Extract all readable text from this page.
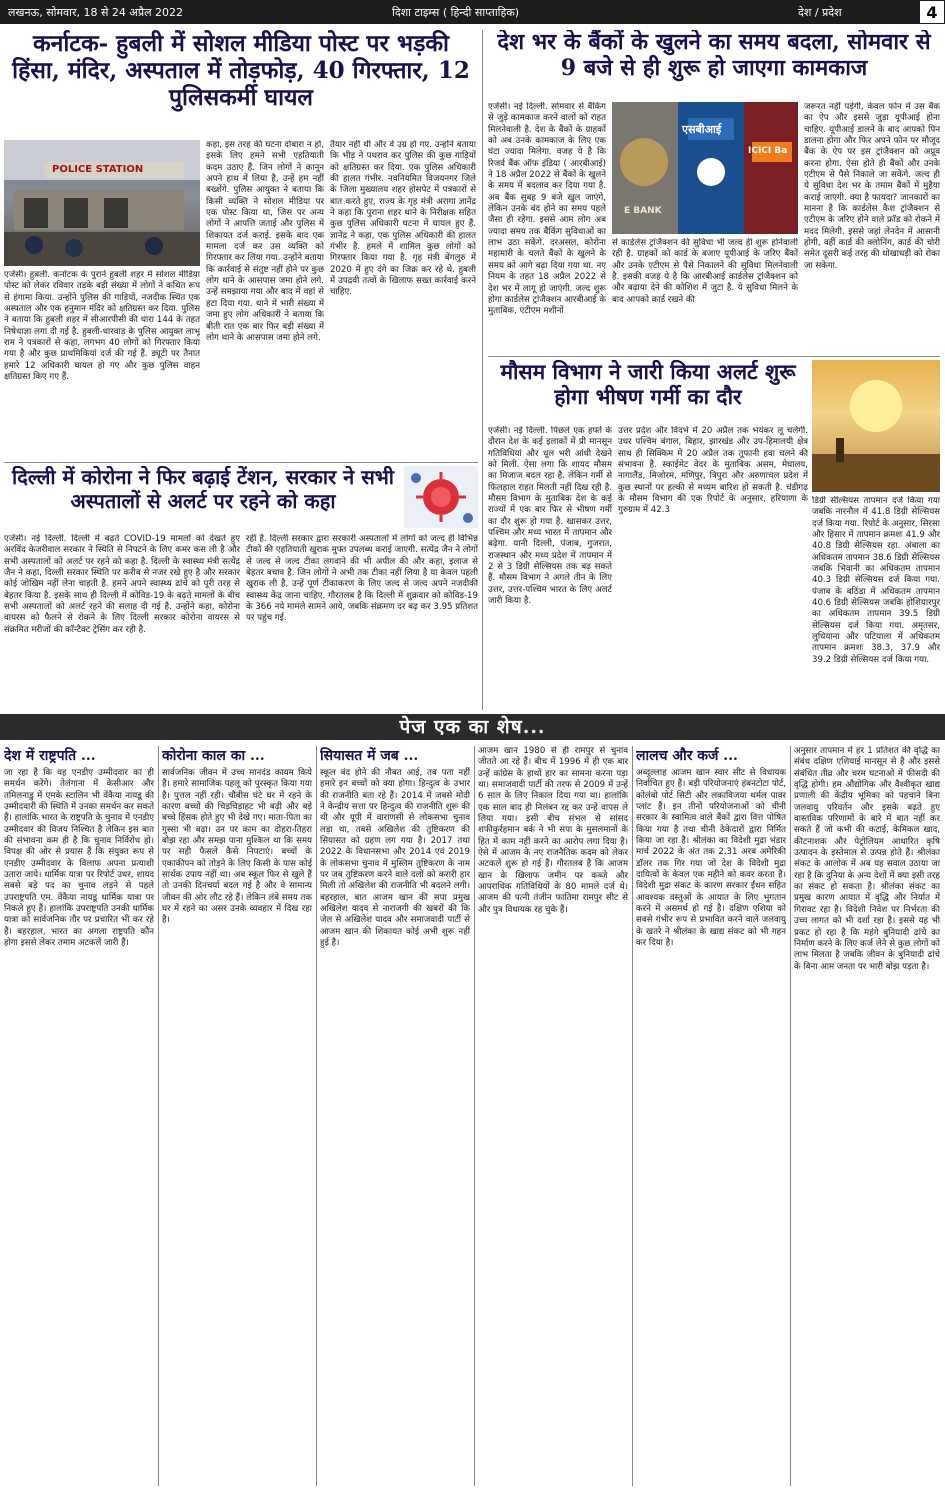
लखनऊ, सोमवार, 18 से 24 अप्रैल 2022	दिशा टाइम्स ( हिन्दी साप्ताहिक)	देश / प्रदेश	4
कर्नाटक- हुबली में सोशल मीडिया पोस्ट पर भड़की हिंसा, मंदिर, अस्पताल में तोड़फोड़, 40 गिरफ्तार, 12 पुलिसकर्मी घायल
POLICE STATION

एजेंसी। हुबली. कर्नाटक के पुराने हुबली शहर में सोशल मीडिया पोस्ट को लेकर रविवार तड़के बड़ी संख्या में लोगों ने कथित रूप से हंगामा किया. उन्होंने पुलिस की गाड़ियों, नजदीक स्थित एक अस्पताल और एक हनुमान मंदिर को क्षतिग्रस्त कर दिया. पुलिस ने बताया कि हुबली शहर में सीआरपीसी की धारा 144 के तहत निषेधाज्ञा लगा दी गई है. हुबली-धारवाड़ के पुलिस आयुक्त लाभू राम ने पत्रकारों से कहा, लगभग 40 लोगों को गिरफ्तार किया गया है और कुछ प्राथमिकियां दर्ज की गई हैं. ड्यूटी पर तैनात हमारे 12 अधिकारी घायल हो गए और कुछ पुलिस वाहन क्षतिग्रस्त किए गए हैं.

कहा, इस तरह की घटना दोबारा न हो, इसके लिए हमने सभी एहतियाती कदम उठाए हैं. जिन लोगों ने कानून अपने हाथ में लिया है, उन्हें हम नहीं बख्शेंगे. पुलिस आयुक्त ने बताया कि किसी व्यक्ति ने सोशल मीडिया पर एक पोस्ट किया था, जिस पर अन्य लोगों ने आपत्ति जताई और पुलिस में शिकायत दर्ज कराई. इसके बाद एक मामला दर्ज कर उस व्यक्ति को गिरफ्तार कर लिया गया. उन्होंने बताया कि कार्रवाई से संतुष्ट नहीं होने पर कुछ लोग थाने के आसपास जमा होने लगे. उन्हें समझाया गया और बाद में वहां से हटा दिया गया. थाने में भारी संख्या में जमा हुए लोग अधिकारी ने बताया कि बीती रात एक बार फिर बड़ी संख्या में लोग थाने के आसपास जमा होने लगे.

तैयार नहीं थी और वे उग्र हो गए. उन्होंने बताया कि भीड़ ने पथराव कर पुलिस की कुछ गाड़ियों को क्षतिग्रस्त कर दिया. एक पुलिस अधिकारी की हालत गंभीर. नवनियमित विजयनगर जिले के जिला मुख्यालय शहर होसपेट में पत्रकारों से बात करते हुए, राज्य के गृह मंत्री अरागा ज्ञानेंद्र ने कहा कि पुराना शहर थाने के निरीक्षक सहित कुछ पुलिस अधिकारी घटना में घायल हुए हैं. ज्ञानेंद्र ने कहा, एक पुलिस अधिकारी की हालत गंभीर है. हमले में शामिल कुछ लोगों को गिरफ्तार किया गया है. गृह मंत्री बेंगलुरु में 2020 में हुए दंगे का जिक्र कर रहे थे. हुबली में उपद्रवी तत्वों के खिलाफ सख्त कार्रवाई करने चाहिए.

देश भर के बैंकों के खुलने का समय बदला, सोमवार से 9 बजे से ही शुरू हो जाएगा कामकाज

एजेंसी। नई दिल्ली. सोमवार से बैंकिंग से जुड़े कामकाज करने वालों को राहत मिलनेवाली है. देश के बैंकों के ग्राहकों को अब उनके कामकाज के लिए एक घंटा ज्यादा मिलेगा. वजह ये है कि रिजर्व बैंक ऑफ इंडिया ( आरबीआई) ने 18 अप्रैल 2022 से बैंकों के खुलने के समय में बदलाव कर दिया गया है. अब बैंक सुबह 9 बजे खुल जाएंगे, लेकिन उनके बंद होने का समय पहले जैसा ही रहेगा. इससे आम लोग अब ज्यादा समय तक बैंकिंग सुविधाओं का लाभ उठा सकेंगे. दरअसल, कोरोना महामारी के चलते बैंकों के खुलने के समय को आगे बढ़ा दिया गया था. नए नियम के तहत 18 अप्रैल 2022 से देश भर में लागू हो जाएंगी. जल्द शुरू होगा कार्डलेस ट्रांजैक्शन आरबीआई के मुताबिक, एटीएम मशीनों

एसबीआई
ICICI Ba
E BANK

से कार्डलेस ट्रांजैक्शन की सुविधा भी जल्द ही शुरू होनेवाली रही है. ग्राहकों को कार्ड के बजाए यूपीआई के जरिए बैंकों और उनके एटीएम से पैसे निकालने की सुविधा मिलनेवाली है. इसकी वजह ये है कि आरबीआई कार्डलेस ट्रांजैक्शन को और बढ़ाया देने की कोशिश में जुटा है. ये सुविधा मिलने के बाद आपको कार्ड रखने की

जरूरत नहीं पड़ेगी, केवल फोन में उस बैंक का ऐप और इससे जुड़ा यूपीआई होना चाहिए. यूपीआई डालने के बाद आपको पिन डालना होगा और फिर अपने फोन पर मौजूद बैंक के ऐप पर इस ट्रांजैक्शन को अप्रूव करना होगा. ऐसा होते ही बैंकों और उनके एटीएम से पैसे निकाले जा सकेंगे. जल्द ही ये सुविधा देश भर के तमाम बैंकों में मुहैया कराई जाएगी. क्या है फायदा? जानकारों का मानना है कि कार्डलेस कैश ट्रांजैक्शन से एटीएम के जरिए होने वाले फ्रॉड को रोकने में मदद मिलेगी. इससे जहां लेनदेन में आसानी होगी, वहीं कार्ड की क्लोनिंग, कार्ड की चोरी समेत दूसरी कई तरह की धोखाधड़ी को रोका जा सकेगा.

मौसम विभाग ने जारी किया अलर्ट शुरू होगा भीषण गर्मी का दौर

एजेंसी। नई दिल्ली. पिछले एक हफ्ते के दौरान देश के कई इलाकों में प्री मानसून गतिविधियां और धूल भरी आंधी देखने को मिली. ऐसा लगा कि शायद मौसम का मिजाज बदल रहा है. लेकिन गर्मी से फिलहाल राहत मिलती नहीं दिख रही है. मौसम विभाग के मुताबिक देश के कई राज्यों में एक बार फिर से भीषण गर्मी का दौर शुरू हो गया है. खासकर उत्तर, पश्चिम और मध्य भारत में तापमान और बढ़ेगा. यानी दिल्ली, पंजाब, गुजरात, राजस्थान और मध्य प्रदेश में तापमान में 2 से 3 डिग्री सेल्सियस तक बढ़ सकते हैं. मौसम विभाग ने अगले तीन के लिए उत्तर, उत्तर-पश्चिम भारत के लिए अलर्ट जारी किया है.

उत्तर प्रदेश और विदर्भ में 20 अप्रैल तक भयंकर लू चलेगी. उधर पश्चिम बंगाल, बिहार, झारखंड और उप-हिमालयी क्षेत्र साथ ही सिक्किम में 20 अप्रैल तक तूफानी हवा चलने की संभावना है. स्काईमेट वेदर के मुताबिक असम, मेघालय, नागालैंड, मिजोरम, मणिपुर, त्रिपुरा और अरुणाचल प्रदेश में कुछ स्थानों पर हल्की से मध्यम बारिश हो सकती है. चंडीगढ़ के मौसम विभाग की एक रिपोर्ट के अनुसार, हरियाणा के गुरुग्राम में 42.3

डिग्री सेल्सियस तापमान दर्ज किया गया जबकि नारनौल में 41.8 डिग्री सेल्सियस दर्ज किया गया. रिपोर्ट के अनुसार, सिरसा और हिसार में तापमान क्रमशः 41.9 और 40.8 डिग्री सेल्सियस रहा. अंबाला का अधिकतम तापमान 38.6 डिग्री सेल्सियस जबकि भिवानी का अधिकतम तापमान 40.3 डिग्री सेल्सियस दर्ज किया गया. पंजाब के बठिंडा में अधिकतम तापमान 40.6 डिग्री सेल्सियस जबकि होशियारपुर का अधिकतम तापमान 39.5 डिग्री सेल्सियस दर्ज किया गया. अमृतसर, लुधियाना और पटियाला में अधिकतम तापमान क्रमशः 38.3, 37.9 और 39.2 डिग्री सेल्सियस दर्ज किया गया.

दिल्ली में कोरोना ने फिर बढ़ाई टेंशन, सरकार ने सभी अस्पतालों से अलर्ट पर रहने को कहा

एजेंसी। नई दिल्ली. दिल्ली में बढ़ते COVID-19 मामलों को देखते हुए अरविंद केजरीवाल सरकार ने स्थिति से निपटने के लिए कमर कस ली है और सभी अस्पतालों को अलर्ट पर रहने को कहा है. दिल्ली के स्वास्थ्य मंत्री सत्येंद्र जैन ने कहा, दिल्ली सरकार स्थिति पर करीब से नजर रखे हुए है और सरकार कोई जोखिम नहीं लेना चाहती है. हमने अपने स्वास्थ्य ढांचे को पूरी तरह से बेहतर किया है. इसके साथ ही दिल्ली में कोविड-19 के बढ़ते मामलों के बीच सभी अस्पतालों को अलर्ट रहने की सलाह दी गई है. उन्होंने कहा, कोरोना वायरस को फैलने से रोकने के लिए दिल्ली सरकार कोरोना वायरस से संक्रमित मरीजों की कॉन्टैक्ट ट्रेसिंग कर रही है.

रही है. दिल्ली सरकार द्वारा सरकारी अस्पतालों में लोगों को जल्द ही विभिन्न टीकों की एहतियाती खुराक मुफ्त उपलब्ध कराई जाएगी. सत्येंद्र जैन ने लोगों से जल्द से जल्द टीका लगवाने की भी अपील की और कहा, इलाज से बेहतर बचाव है. जिन लोगों ने अभी तक टीका नहीं लिया है या केवल पहली खुराक ली है, उन्हें पूर्ण टीकाकरण के लिए जल्द से जल्द अपने नजदीकी स्वास्थ्य केंद्र जाना चाहिए. गौरतलब है कि दिल्ली में शुक्रवार को कोविड-19 के 366 नये मामले सामने आये, जबकि संक्रमण दर बढ़ कर 3.95 प्रतिशत पर पहुंच गई.

पेज एक का शेष...
देश में राष्ट्रपति ...

जा रहा है कि वह एनडीए उम्मीदवार का ही समर्थन करेंगे। तेलंगाना में केसीआर और तमिलनाडु में एमके स्टालिन भी वेंकैया नायडू की उम्मीदवारी की स्थिति में उनका समर्थन कर सकते हैं। हालांकि भारत के राष्ट्रपति के चुनाव में एनडीए उम्मीदवार की विजय निश्चित है लेकिन इस बात की संभावना कम ही है कि चुनाव निर्विरोध हो। विपक्ष की ओर से प्रयास हैं कि संयुक्त रूप से एनडीए उम्मीदवार के विलाफ अपना प्रत्याशी उतारा जाये। धार्मिक यात्रा पर रिपोर्ट उधर, शायद सबसे बड़े पद का चुनाव लड़ने से पहले उपराष्ट्रपति एम. वेंकैया नायडू धार्मिक यात्रा पर निकले हुए हैं। हालांकि उपराष्ट्रपति उनकी धार्मिक यात्रा को सार्वजनिक तौर पर प्रचारित भी कर रहे हैं। बहरहाल, भारत का अगला राष्ट्रपति कौन होगा इससे लेकर तमाम अटकलें जारी हैं।

कोरोना काल का ...

सार्वजनिक जीवन में उच्च मानदंड कायम किये हैं। हमारे सामाजिक पहलू को पुरस्कृत किया गया है। पुत्तल नहीं रही। चौबीस घंटे घर में रहने के कारण बच्चों की चिड़चिड़ाहट भी बढ़ी और बड़े बच्चे हिंसक होते हुए भी देखे गए। माता-पिता का गुस्सा भी बढ़ा। उन पर काम का दोहरा-तिहरा बोझ रहा और समझ पाना मुश्किल था कि समय पर सही फैसले कैसे निपटाएं। बच्चों के एकाकीपन को तोड़ने के लिए किसी के पास कोई सार्थक उपाय नहीं था। अब स्कूल फिर से खुले हैं तो उनकी दिनचर्या बदल गई है और वे सामान्य जीवन की ओर लौट रहे हैं। लेकिन लंबे समय तक घर में रहने का असर उनके व्यवहार में दिख रहा है।

सियासत में जब ...

स्कूल बंद होने की नौबत आई, तब पता नहीं हमारे इन बच्चों को क्या होगा। हिन्दुत्व के उभार की राजनीति बता रहे हैं। 2014 में जबसे मोदी ने केन्द्रीय सत्ता पर हिन्दुत्व की राजनीति शुरू की थी और यूपी में वाराणसी से लोकसभा चुनाव लड़ा था, तबसे अखिलेश की तुष्टिकरण की सियासत को ग्रहण लग गया है। 2017 तथा 2022 के विधानसभा और 2014 एवं 2019 के लोकसभा चुनाव में मुस्लिम तुष्टिकरण के नाम पर जब तुष्टिकरण करने वाले दलों को करारी हार मिली तो अखिलेश की राजनीति भी बदलने लगी। बहरहाल, बात आजम खान की सपा प्रमुख अखिलेश यादव से नाराजगी की खबरों की कि जेल से अखिलेश यादव और समाजवादी पार्टी से आजम खान की शिकायत कोई अभी शुरू नहीं हुई है।

आजम खान 1980 से ही रामपुर से चुनाव जीतते आ रहे हैं। बीच में 1996 में ही एक बार उन्हें कांग्रेस के हाथों हार का सामना करना पड़ा था। समाजवादी पार्टी की तरफ से 2009 में उन्हें 6 साल के लिए निकाल दिया गया था। हालांकि एक साल बाद ही निलंबन रद्द कर उन्हें वापस ले लिया गया। इसी बीच संभल से सांसद शफीकुर्रहमान बर्क ने भी सपा के मुसलमानों के हित में काम नहीं करने का आरोप लगा दिया है। ऐसे में आजम के नए राजनैतिक कदम को लेकर अटकलें शुरू हो गई हैं। गौरतलब है कि आजम खान के खिलाफ जमीन पर कब्जे और आपराधिक गतिविधियों के 80 मामले दर्ज थे। आजम की पत्नी तंजीन फातिमा रामपुर सीट से और पुत्र विधायक रह चुके हैं।

लालच और कर्ज ...

अब्दुल्लाह आजम खान स्वार सीट से विधायक निर्वाचित हुए हैं। बड़ी परियोजनाएं हंबनटोटा पोर्ट, कोलंबो पोर्ट सिटी और लकाविजया थर्मल पावर प्लांट हैं। इन तीनों परियोजनाओं को चीनी सरकार के स्वामित्व वाले बैंकों द्वारा वित्त पोषित किया गया है तथा चीनी ठेकेदारों द्वारा निर्मित किया जा रहा है। श्रीलंका का विदेशी मुद्रा भंडार मार्च 2022 के अंत तक 2.31 अरब अमेरिकी डॉलर तक गिर गया जो देश के विदेशी मुद्रा दायित्वों के केवल एक महीने को कवर करता है। विदेशी मुद्रा संकट के कारण सरकार ईंधन सहित आवश्यक वस्तुओं के आयात के लिए भुगतान करने में असमर्थ हो गई है। दक्षिण एशिया को सबसे गंभीर रूप से प्रभावित करने वाले जलवायु के खतरे ने श्रीलंका के खाद्य संकट को भी गहन कर दिया है।

अनुसार तापमान में हर 1 प्रतिशत की वृद्धि का संबंध दक्षिण एशियाई मानसून से है और इससे संबंधित तीव्र और चरम घटनाओं में फीसदी की वृद्धि होगी। हम औद्योगिक और वैश्वीकृत खाद्य प्रणाली की केंद्रीय भूमिका को पहचाने बिना जलवायु परिवर्तन और इसके बढ़ते हुए वास्तविक परिणामों के बारे में बात नहीं कर सकते हैं जो कभी की कटाई, केमिकल खाद, कीटनाशक और पेट्रोलियम आधारित कृषि उत्पादन के इस्तेमाल से उत्पन्न होते हैं। श्रीलंका संकट के आलोक में अब यह सवाल उठाया जा रहा है कि दुनिया के अन्य देशों में क्या इसी तरह का संकट हो सकता है। श्रीलंका संकट का प्रमुख कारण आयात में वृद्धि और निर्यात में गिरावट रहा है। विदेशी निवेश पर निर्भरता की उच्च लागत को भी दर्शा रहा है। इससे यह भी प्रकट हो रहा है कि महंगे बुनियादी ढांचे का निर्माण करने के लिए कर्ज लेने से कुछ लोगों को लाभ मिलता है जबकि जीवन के बुनियादी ढांचे के बिना आम जनता पर भारी बोझ पड़ता है।
